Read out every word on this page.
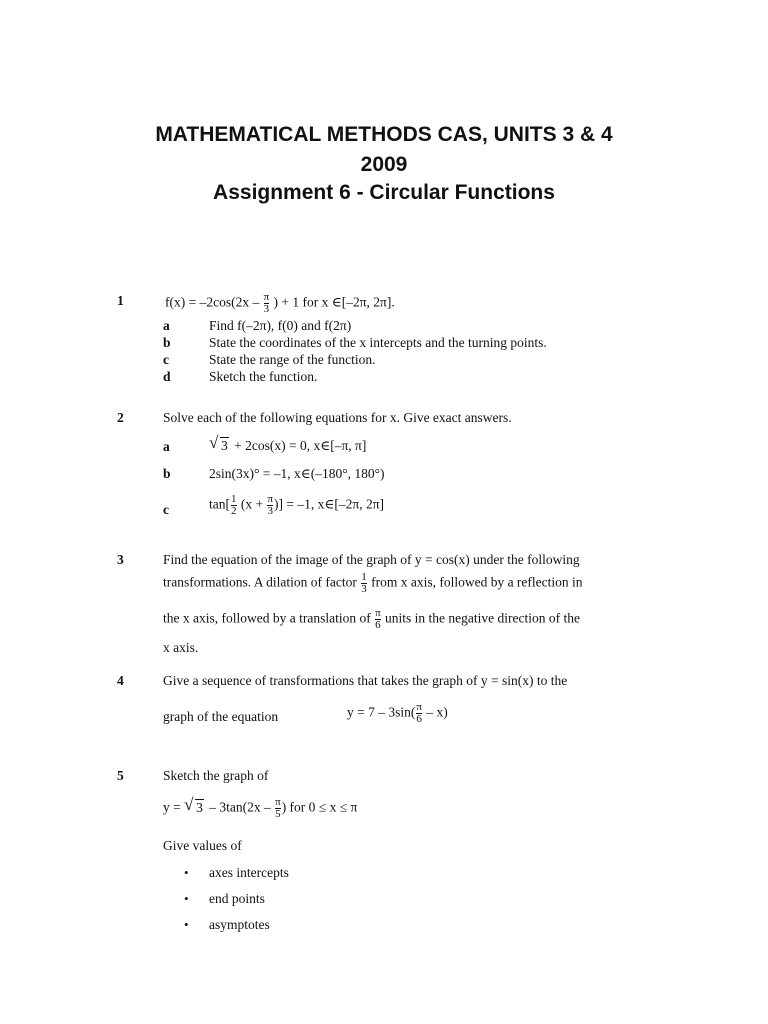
MATHEMATICAL METHODS CAS, UNITS 3 & 4
2009
Assignment 6 - Circular Functions
1	$f(x) = -2\cos(2x - \frac{\pi}{3}$ ) + 1 for x ∈[–2π, 2π].
a	Find f(–2π), f(0) and f(2π)
b	State the coordinates of the x intercepts and the turning points.
c	State the range of the function.
d	Sketch the function.
2	Solve each of the following equations for x. Give exact answers.
a	√ 3 + 2cos(x) = 0, x∈[–π, π]
b	2sin(3x)° = –1, x∈(–180°, 180°)
c	$\tan[ \frac{1}{2} (x + \frac{\pi}{3}$ )] = –1, x∈[–2π, 2π]
3	Find the equation of the image of the graph of y = cos(x) under the following
transformations. A dilation of factor $\frac{1}{3}$ from x axis, followed by a reflection in
the x axis, followed by a translation of $\frac{\pi}{6}$ units in the negative direction of the
x axis.
4	Give a sequence of transformations that takes the graph of y = sin(x) to the
graph of the equation	$y = 7 - 3\sin( \frac{\pi}{6} - x)$
5	Sketch the graph of
y = √ $3 - 3\tan(2x - \frac{\pi}{5}$ ) for 0 ≤ x ≤ π
Give values of
• axes intercepts
• end points
• asymptotes
